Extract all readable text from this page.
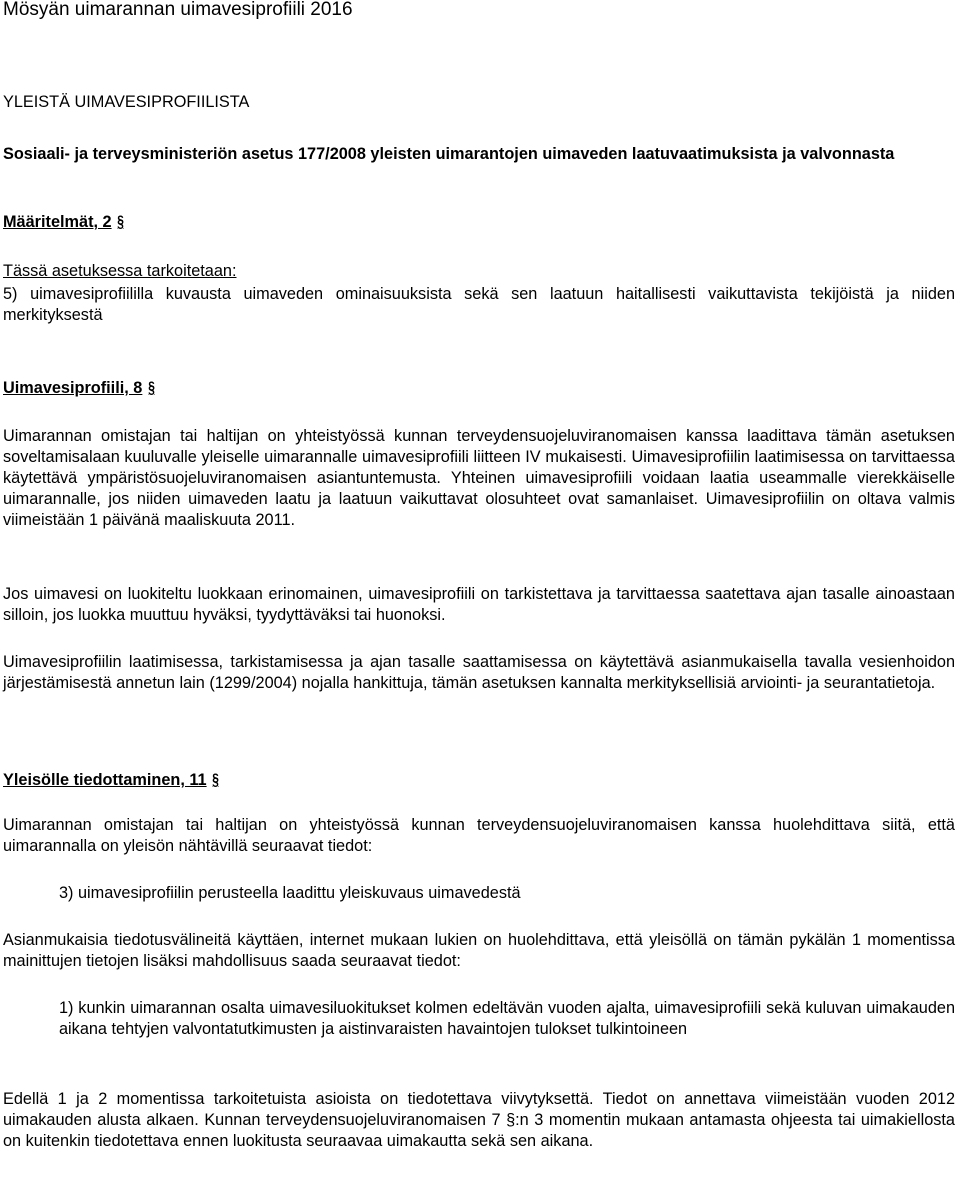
Mösyän uimarannan uimavesiprofiili 2016

YLEISTÄ UIMAVESIPROFIILISTA

Sosiaali- ja terveysministeriön asetus 177/2008 yleisten uimarantojen uimaveden laatuvaatimuksista ja valvonnasta

Määritelmät, 2 §

Tässä asetuksessa tarkoitetaan:

5) uimavesiprofiililla kuvausta uimaveden ominaisuuksista sekä sen laatuun haitallisesti vaikuttavista tekijöistä ja niiden merkityksestä

Uimavesiprofiili, 8 §

Uimarannan omistajan tai haltijan on yhteistyössä kunnan terveydensuojeluviranomaisen kanssa laadittava tämän asetuksen soveltamisalaan kuuluvalle yleiselle uimarannalle uimavesiprofiili liitteen IV mukaisesti. Uimavesiprofiilin laatimisessa on tarvittaessa käytettävä ympäristösuojeluviranomaisen asiantuntemusta. Yhteinen uimavesiprofiili voidaan laatia useammalle vierekkäiselle uimarannalle, jos niiden uimaveden laatu ja laatuun vaikuttavat olosuhteet ovat samanlaiset. Uimavesiprofiilin on oltava valmis viimeistään 1 päivänä maaliskuuta 2011.

Jos uimavesi on luokiteltu luokkaan erinomainen, uimavesiprofiili on tarkistettava ja tarvittaessa saatettava ajan tasalle ainoastaan silloin, jos luokka muuttuu hyväksi, tyydyttäväksi tai huonoksi.

Uimavesiprofiilin laatimisessa, tarkistamisessa ja ajan tasalle saattamisessa on käytettävä asianmukaisella tavalla vesienhoidon järjestämisestä annetun lain (1299/2004) nojalla hankittuja, tämän asetuksen kannalta merkityksellisiä arviointi- ja seurantatietoja.

Yleisölle tiedottaminen, 11 §

Uimarannan omistajan tai haltijan on yhteistyössä kunnan terveydensuojeluviranomaisen kanssa huolehdittava siitä, että uimarannalla on yleisön nähtävillä seuraavat tiedot:

3) uimavesiprofiilin perusteella laadittu yleiskuvaus uimavedestä

Asianmukaisia tiedotusvälineitä käyttäen, internet mukaan lukien on huolehdittava, että yleisöllä on tämän pykälän 1 momentissa mainittujen tietojen lisäksi mahdollisuus saada seuraavat tiedot:

1) kunkin uimarannan osalta uimavesiluokitukset kolmen edeltävän vuoden ajalta, uimavesiprofiili sekä kuluvan uimakauden aikana tehtyjen valvontatutkimusten ja aistinvaraisten havaintojen tulokset tulkintoineen

Edellä 1 ja 2 momentissa tarkoitetuista asioista on tiedotettava viivytyksettä. Tiedot on annettava viimeistään vuoden 2012 uimakauden alusta alkaen. Kunnan terveydensuojeluviranomaisen 7 §:n 3 momentin mukaan antamasta ohjeesta tai uimakiellosta on kuitenkin tiedotettava ennen luokitusta seuraavaa uimakautta sekä sen aikana.
